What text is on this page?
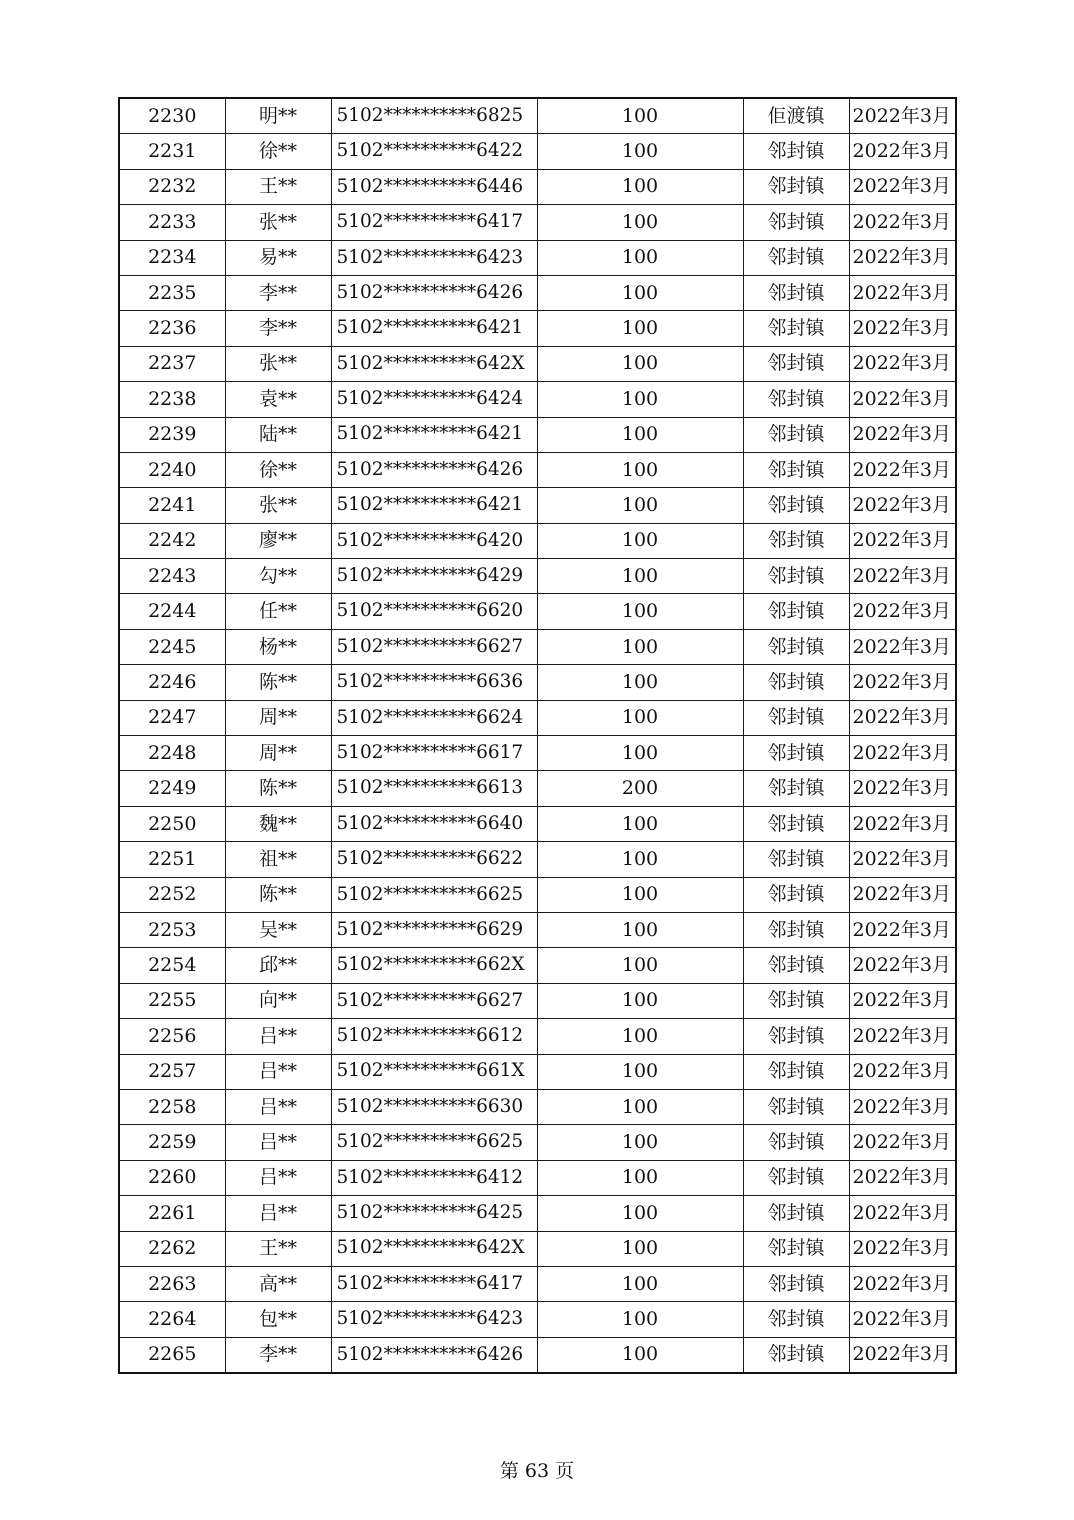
2230	明**	5102**********6825	100	佢渡镇	2022年3月
2231	徐**	5102**********6422	100	邻封镇	2022年3月
2232	王**	5102**********6446	100	邻封镇	2022年3月
2233	张**	5102**********6417	100	邻封镇	2022年3月
2234	易**	5102**********6423	100	邻封镇	2022年3月
2235	李**	5102**********6426	100	邻封镇	2022年3月
2236	李**	5102**********6421	100	邻封镇	2022年3月
2237	张**	5102**********642X	100	邻封镇	2022年3月
2238	袁**	5102**********6424	100	邻封镇	2022年3月
2239	陆**	5102**********6421	100	邻封镇	2022年3月
2240	徐**	5102**********6426	100	邻封镇	2022年3月
2241	张**	5102**********6421	100	邻封镇	2022年3月
2242	廖**	5102**********6420	100	邻封镇	2022年3月
2243	勾**	5102**********6429	100	邻封镇	2022年3月
2244	任**	5102**********6620	100	邻封镇	2022年3月
2245	杨**	5102**********6627	100	邻封镇	2022年3月
2246	陈**	5102**********6636	100	邻封镇	2022年3月
2247	周**	5102**********6624	100	邻封镇	2022年3月
2248	周**	5102**********6617	100	邻封镇	2022年3月
2249	陈**	5102**********6613	200	邻封镇	2022年3月
2250	魏**	5102**********6640	100	邻封镇	2022年3月
2251	祖**	5102**********6622	100	邻封镇	2022年3月
2252	陈**	5102**********6625	100	邻封镇	2022年3月
2253	吴**	5102**********6629	100	邻封镇	2022年3月
2254	邱**	5102**********662X	100	邻封镇	2022年3月
2255	向**	5102**********6627	100	邻封镇	2022年3月
2256	吕**	5102**********6612	100	邻封镇	2022年3月
2257	吕**	5102**********661X	100	邻封镇	2022年3月
2258	吕**	5102**********6630	100	邻封镇	2022年3月
2259	吕**	5102**********6625	100	邻封镇	2022年3月
2260	吕**	5102**********6412	100	邻封镇	2022年3月
2261	吕**	5102**********6425	100	邻封镇	2022年3月
2262	王**	5102**********642X	100	邻封镇	2022年3月
2263	高**	5102**********6417	100	邻封镇	2022年3月
2264	包**	5102**********6423	100	邻封镇	2022年3月
2265	李**	5102**********6426	100	邻封镇	2022年3月
第 63 页
